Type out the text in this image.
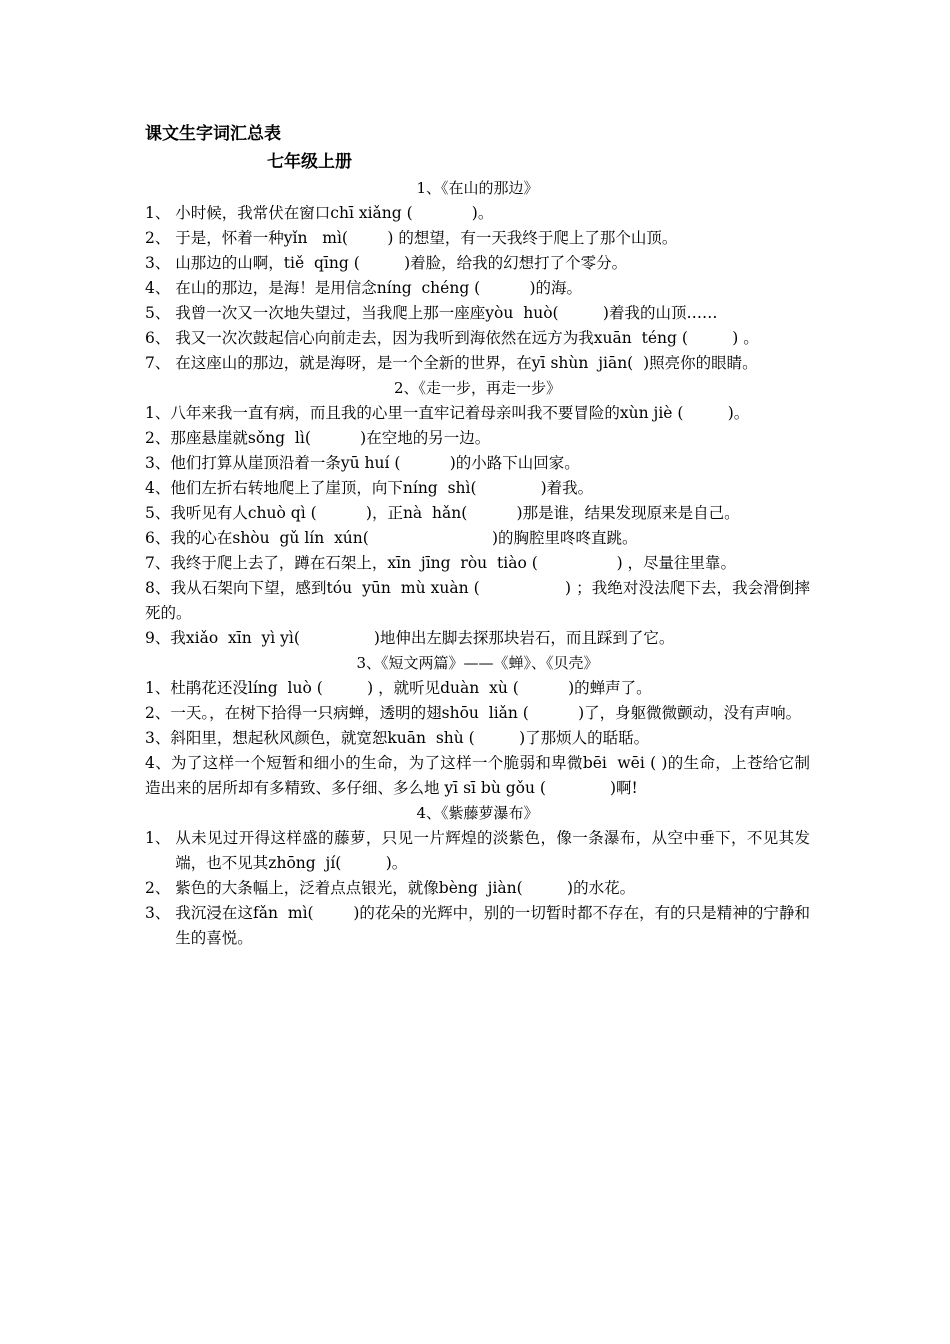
课文生字词汇总表
七年级上册
1、《在山的那边》
1、 小时候，我常伏在窗口chī xiǎng (            )。
2、 于是，怀着一种yǐn   mì(        ) 的想望，有一天我终于爬上了那个山顶。
3、 山那边的山啊，tiě  qīng (         )着脸，给我的幻想打了个零分。
4、 在山的那边，是海！是用信念níng  chéng (          )的海。
5、 我曾一次又一次地失望过，当我爬上那一座座yòu  huò(         )着我的山顶……
6、 我又一次次鼓起信心向前走去，因为我听到海依然在远方为我xuān  téng (         ) 。
7、 在这座山的那边，就是海呀，是一个全新的世界，在yī shùn  jiān(  )照亮你的眼睛。
2、《走一步，再走一步》
1、八年来我一直有病，而且我的心里一直牢记着母亲叫我不要冒险的xùn jiè (         )。
2、那座悬崖就sǒng  lì(          )在空地的另一边。
3、他们打算从崖顶沿着一条yū huí (          )的小路下山回家。
4、他们左折右转地爬上了崖顶，向下níng  shì(             )着我。
5、我听见有人chuò qì (          )，正nà  hǎn(          )那是谁，结果发现原来是自己。
6、我的心在shòu  gǔ lín  xún(                         )的胸腔里咚咚直跳。
7、我终于爬上去了，蹲在石架上，xīn  jīng  ròu  tiào (                ) ，尽量往里靠。
8、我从石架向下望，感到tóu  yūn  mù xuàn (                 ) ；我绝对没法爬下去，我会滑倒摔死的。
9、我xiǎo  xīn  yì yì(               )地伸出左脚去探那块岩石，而且踩到了它。
3、《短文两篇》——《蝉》、《贝壳》
1、杜鹃花还没líng  luò (         ) ，就听见duàn  xù (          )的蝉声了。
2、一天。，在树下拾得一只病蝉，透明的翅shōu  liǎn (          )了，身躯微微颤动，没有声响。
3、斜阳里，想起秋风颜色，就宽恕kuān  shù (         )了那烦人的聒聒。
4、为了这样一个短暂和细小的生命，为了这样一个脆弱和卑微bēi  wēi ( )的生命，上苍给它制造出来的居所却有多精致、多仔细、多么地 yī sī bù gǒu (             )啊!
4、《紫藤萝瀑布》
1、 从未见过开得这样盛的藤萝，只见一片辉煌的淡紫色，像一条瀑布，从空中垂下，不见其发端，也不见其zhōng  jí(         )。
2、 紫色的大条幅上，泛着点点银光，就像bèng  jiàn(         )的水花。
3、 我沉浸在这fǎn  mì(        )的花朵的光辉中，别的一切暂时都不存在，有的只是精神的宁静和生的喜悦。
